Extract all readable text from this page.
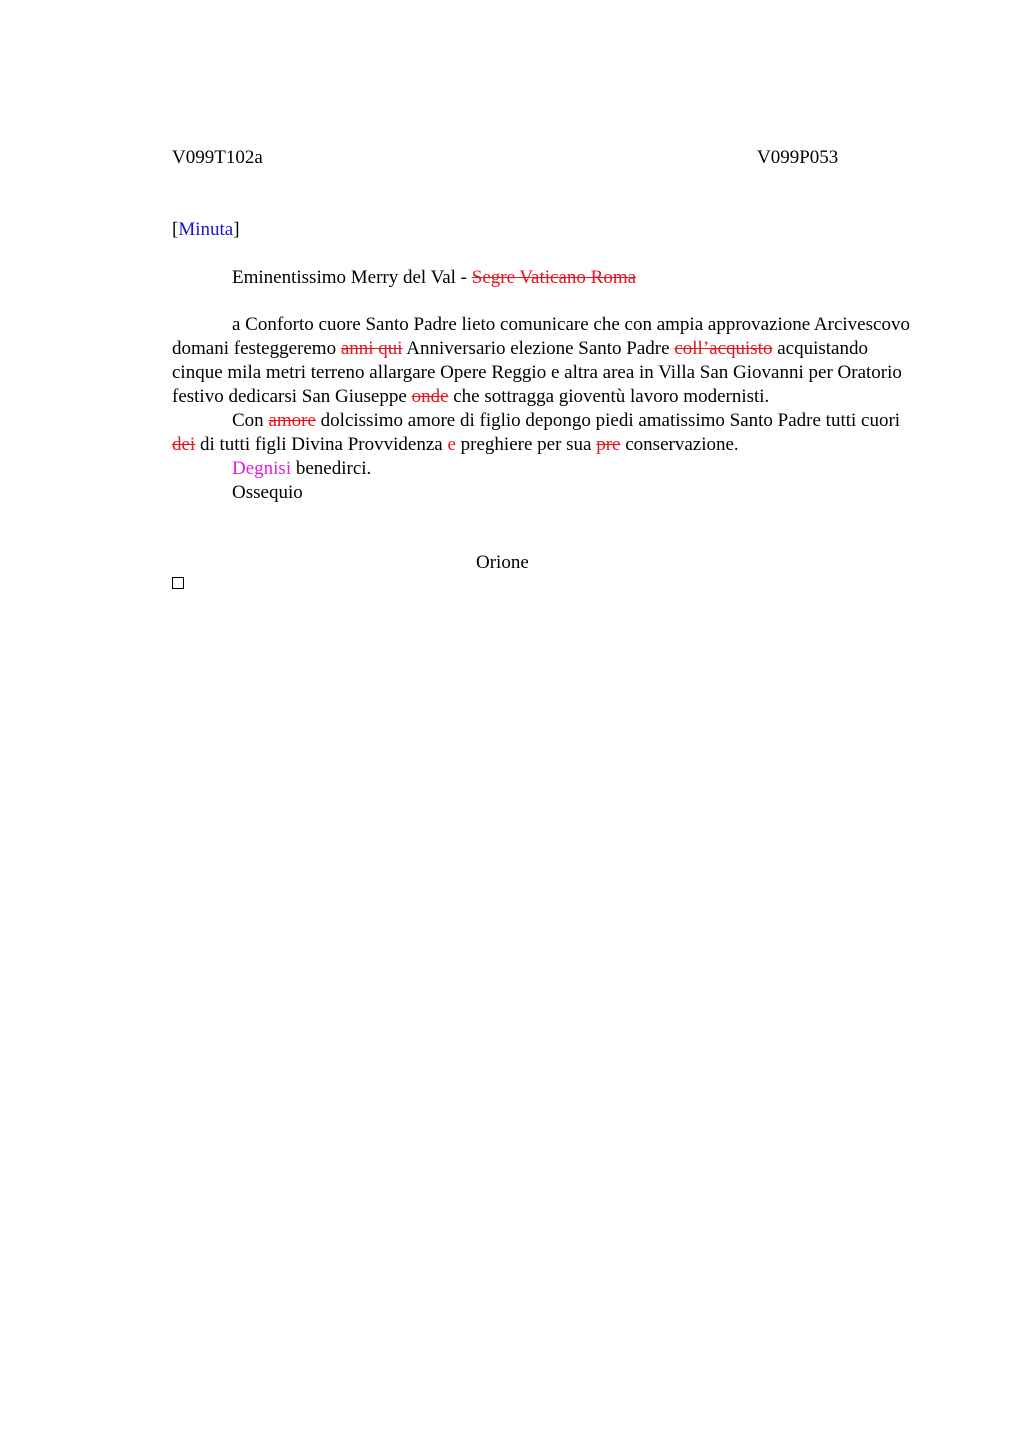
V099T102a	V099P053
[Minuta]
Eminentissimo Merry del Val - Segre Vaticano Roma

a Conforto cuore Santo Padre lieto comunicare che con ampia approvazione Arcivescovo domani festeggeremo anni qui Anniversario elezione Santo Padre coll’acquisto acquistando cinque mila metri terreno allargare Opere Reggio e altra area in Villa San Giovanni per Oratorio festivo dedicarsi San Giuseppe onde che sottragga gioventù lavoro modernisti.

Con amore dolcissimo amore di figlio depongo piedi amatissimo Santo Padre tutti cuori dei di tutti figli Divina Provvidenza e preghiere per sua pre conservazione.

Degnisi benedirci.

Ossequio

Orione
